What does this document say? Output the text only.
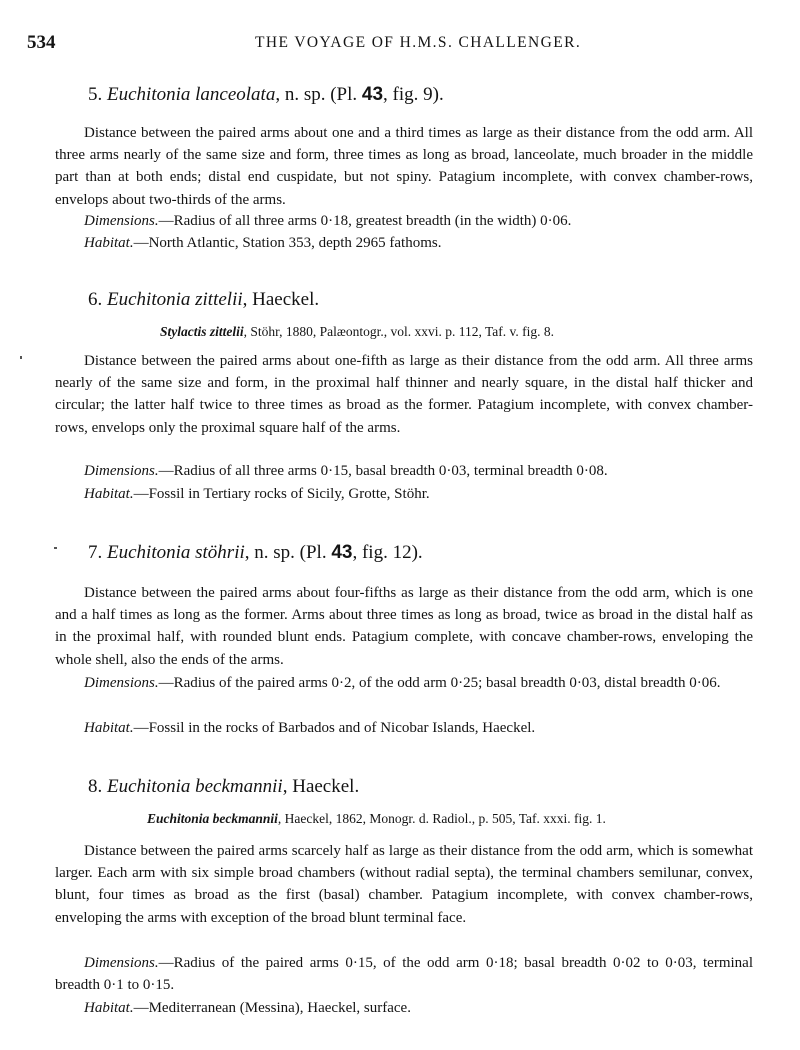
534	THE VOYAGE OF H.M.S. CHALLENGER.
5. Euchitonia lanceolata, n. sp. (Pl. 43, fig. 9).

Distance between the paired arms about one and a third times as large as their distance from the odd arm. All three arms nearly of the same size and form, three times as long as broad, lanceolate, much broader in the middle part than at both ends; distal end cuspidate, but not spiny. Patagium incomplete, with convex chamber-rows, envelops about two-thirds of the arms.

Dimensions.—Radius of all three arms 0·18, greatest breadth (in the width) 0·06.

Habitat.—North Atlantic, Station 353, depth 2965 fathoms.

6. Euchitonia zittelii, Haeckel.
Stylactis zittelii, Stöhr, 1880, Palæontogr., vol. xxvi. p. 112, Taf. v. fig. 8.

Distance between the paired arms about one-fifth as large as their distance from the odd arm. All three arms nearly of the same size and form, in the proximal half thinner and nearly square, in the distal half thicker and circular; the latter half twice to three times as broad as the former. Patagium incomplete, with convex chamber-rows, envelops only the proximal square half of the arms.

Dimensions.—Radius of all three arms 0·15, basal breadth 0·03, terminal breadth 0·08.

Habitat.—Fossil in Tertiary rocks of Sicily, Grotte, Stöhr.

7. Euchitonia stöhrii, n. sp. (Pl. 43, fig. 12).

Distance between the paired arms about four-fifths as large as their distance from the odd arm, which is one and a half times as long as the former. Arms about three times as long as broad, twice as broad in the distal half as in the proximal half, with rounded blunt ends. Patagium complete, with concave chamber-rows, enveloping the whole shell, also the ends of the arms.

Dimensions.—Radius of the paired arms 0·2, of the odd arm 0·25; basal breadth 0·03, distal breadth 0·06.

Habitat.—Fossil in the rocks of Barbados and of Nicobar Islands, Haeckel.

8. Euchitonia beckmannii, Haeckel.
Euchitonia beckmannii, Haeckel, 1862, Monogr. d. Radiol., p. 505, Taf. xxxi. fig. 1.

Distance between the paired arms scarcely half as large as their distance from the odd arm, which is somewhat larger. Each arm with six simple broad chambers (without radial septa), the terminal chambers semilunar, convex, blunt, four times as broad as the first (basal) chamber. Patagium incomplete, with convex chamber-rows, enveloping the arms with exception of the broad blunt terminal face.

Dimensions.—Radius of the paired arms 0·15, of the odd arm 0·18; basal breadth 0·02 to 0·03, terminal breadth 0·1 to 0·15.

Habitat.—Mediterranean (Messina), Haeckel, surface.
